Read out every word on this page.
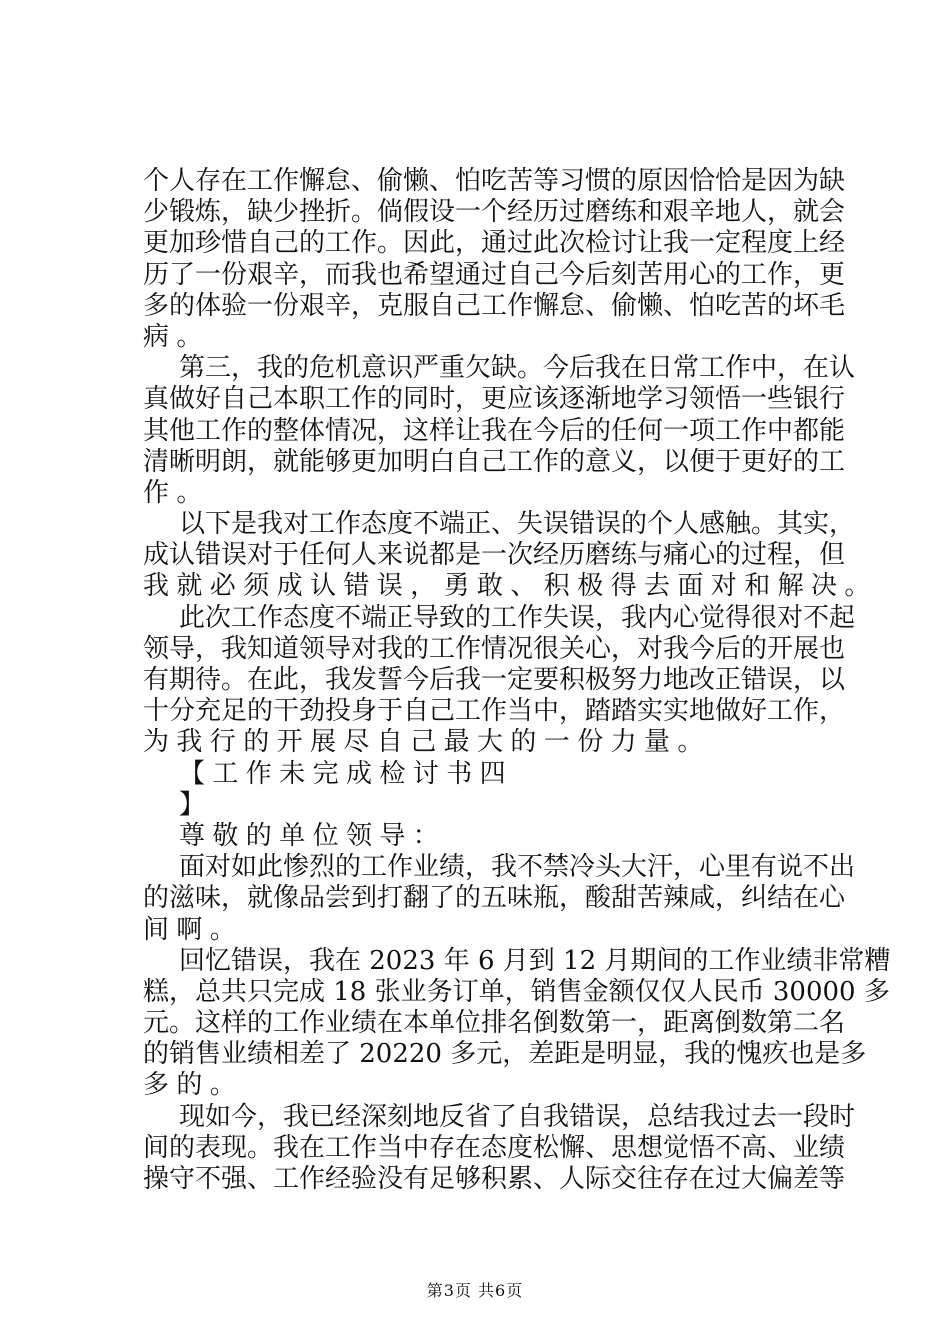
个人存在工作懈怠、偷懒、怕吃苦等习惯的原因恰恰是因为缺
少锻炼，缺少挫折。倘假设一个经历过磨练和艰辛地人，就会
更加珍惜自己的工作。因此，通过此次检讨让我一定程度上经
历了一份艰辛，而我也希望通过自己今后刻苦用心的工作，更
多的体验一份艰辛，克服自己工作懈怠、偷懒、怕吃苦的坏毛
病。
第三，我的危机意识严重欠缺。今后我在日常工作中，在认
真做好自己本职工作的同时，更应该逐渐地学习领悟一些银行
其他工作的整体情况，这样让我在今后的任何一项工作中都能
清晰明朗，就能够更加明白自己工作的意义，以便于更好的工
作。
以下是我对工作态度不端正、失误错误的个人感触。其实，
成认错误对于任何人来说都是一次经历磨练与痛心的过程，但
我就必须成认错误，勇敢、积极得去面对和解决。
此次工作态度不端正导致的工作失误，我内心觉得很对不起
领导，我知道领导对我的工作情况很关心，对我今后的开展也
有期待。在此，我发誓今后我一定要积极努力地改正错误，以
十分充足的干劲投身于自己工作当中，踏踏实实地做好工作，
为我行的开展尽自己最大的一份力量。
【工作未完成检讨书四
】
尊敬的单位领导：
面对如此惨烈的工作业绩，我不禁冷头大汗，心里有说不出
的滋味，就像品尝到打翻了的五味瓶，酸甜苦辣咸，纠结在心
间啊。
回忆错误，我在 2023 年 6 月到 12 月期间的工作业绩非常糟
糕，总共只完成 18 张业务订单，销售金额仅仅人民币 30000 多
元。这样的工作业绩在本单位排名倒数第一，距离倒数第二名
的销售业绩相差了 20220 多元，差距是明显，我的愧疚也是多
多的。
现如今，我已经深刻地反省了自我错误，总结我过去一段时
间的表现。我在工作当中存在态度松懈、思想觉悟不高、业绩
操守不强、工作经验没有足够积累、人际交往存在过大偏差等
第3页 共6页
